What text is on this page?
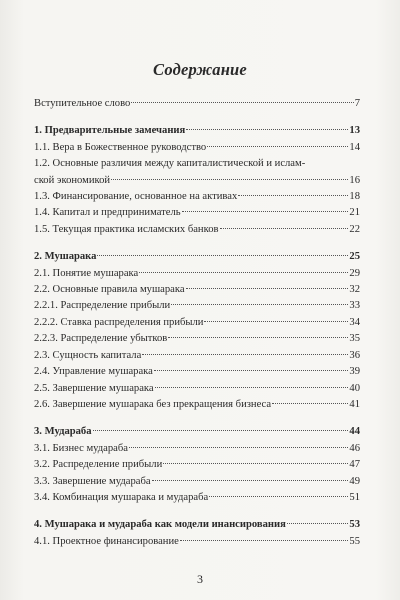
Содержание
Вступительное слово	7
1. Предварительные замечания	13
1.1. Вера в Божественное руководство	14
1.2. Основные различия между капиталистической и ислам-
ской экономикой	16
1.3. Финансирование, основанное на активах	18
1.4. Капитал и предприниматель	21
1.5. Текущая практика исламских банков	22
2. Мушарака	25
2.1. Понятие мушарака	29
2.2. Основные правила мушарака	32
2.2.1. Распределение прибыли	33
2.2.2. Ставка распределения прибыли	34
2.2.3. Распределение убытков	35
2.3. Сущность капитала	36
2.4. Управление мушарака	39
2.5. Завершение мушарака	40
2.6. Завершение мушарака без прекращения бизнеса	41
3. Мудараба	44
3.1. Бизнес мудараба	46
3.2. Распределение прибыли	47
3.3. Завершение мудараба	49
3.4. Комбинация мушарака и мудараба	51
4. Мушарака и мудараба как модели инансирования	53
4.1. Проектное финансирование	55
3
